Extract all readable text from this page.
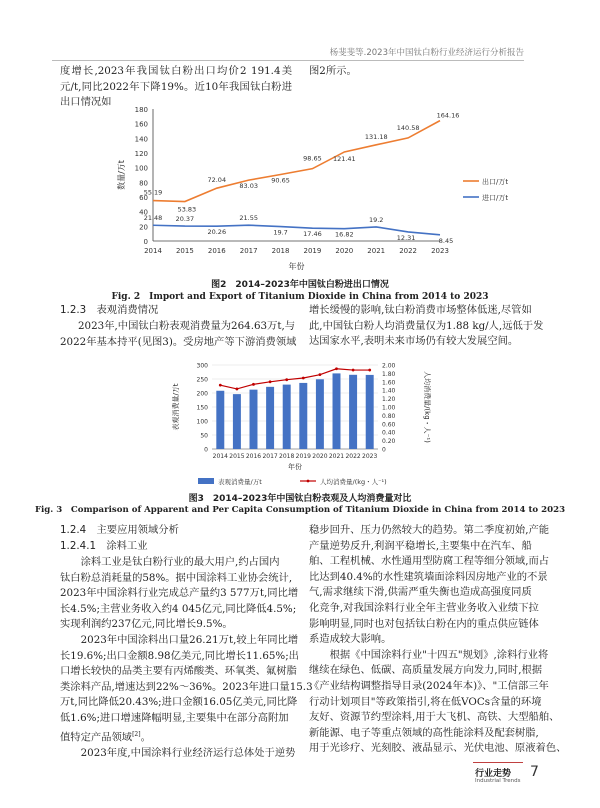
杨斐斐等.2023年中国钛白粉行业经济运行分析报告
度增长,2023年我国钛白粉出口均价2 191.4美元/t,同比2022年下降19%。近10年我国钛白粉进出口情况如
图2所示。
0
20
40
60
80
100
120
140
160
180
2014 2015 2016 2017 2018 2019 2020 2021 2022 2023
年份
数量/万t
21.48 20.37
20.26
21.55
19.7 17.46 16.82
19.2
12.31	8.45
进口/万t
55.19
53.83
72.04
83.03
90.65
98.65 121.41
131.18
140.58
164.16
出口/万t
图2　2014–2023年中国钛白粉进出口情况
Fig. 2　Import and Export of Titanium Dioxide in China from 2014 to 2023
1.2.3　 表观消费情况
2023年,中国钛白粉表观消费量为264.63万t,与
2022年基本持平(见图3)。受房地产等下游消费领域
增长缓慢的影响,钛白粉消费市场整体低迷,尽管如
此,中国钛白粉人均消费量仅为1.88 kg/人,远低于发
达国家水平,表明未来市场仍有较大发展空间。
0
50
100
150
200
250
300
0
0.20
0.40
0.60
0.80
1.00
1.20
1.40
1.60
1.80
2.00
2014 2015 2016 2017 2018 2019 2020 2021 2022 2023
年份
表观消费量/万t	人均消费量/(kg・人⁻¹)
表观消费量/万t	人均消费量/(kg・人⁻¹)
图3　2014–2023年中国钛白粉表观及人均消费量对比
Fig. 3　Comparison of Apparent and Per Capita Consumption of Titanium Dioxide in China from 2014 to 2023
1.2.4　 主要应用领域分析
1.2.4.1　 涂料工业
　　涂料工业是钛白粉行业的最大用户,约占国内
钛白粉总消耗量的58%。据中国涂料工业协会统计,
2023年中国涂料行业完成总产量约3 577万t,同比增
长4.5%;主营业务收入约4 045亿元,同比降低4.5%;
实现利润约237亿元,同比增长9.5%。
　　2023年中国涂料出口量26.21万t,较上年同比增
长19.6%;出口金额8.98亿美元,同比增长11.65%;出
口增长较快的品类主要有丙烯酸类、环氧类、氟树脂
类涂料产品,增速达到22%～36%。2023年进口量15.3
万t,同比降低20.43%;进口金额16.05亿美元,同比降
低1.6%;进口增速降幅明显,主要集中在部分高附加
值特定产品领域[2]。
　　2023年度,中国涂料行业经济运行总体处于逆势
稳步回升、压力仍然较大的趋势。第二季度初始,产能
产量逆势反升,利润平稳增长,主要集中在汽车、船
舶、工程机械、水性通用型防腐工程等细分领域,而占
比达到40.4%的水性建筑墙面涂料因房地产业的不景
气,需求继续下滑,供需严重失衡也造成高强度同质
化竞争,对我国涂料行业全年主营业务收入业绩下拉
影响明显,同时也对包括钛白粉在内的重点供应链体
系造成较大影响。
　　根据《中国涂料行业"十四五"规划》,涂料行业将
继续在绿色、低碳、高质量发展方向发力,同时,根据
《产业结构调整指导目录(2024年本)》、"工信部三年
行动计划项目"等政策指引,将在低VOCs含量的环境
友好、资源节约型涂料,用于大飞机、高铁、大型船舶、
新能源、电子等重点领域的高性能涂料及配套树脂,
用于光诊疗、光刻胶、液晶显示、光伏电池、原液着色、
行业走势
Industrial Trends
7
